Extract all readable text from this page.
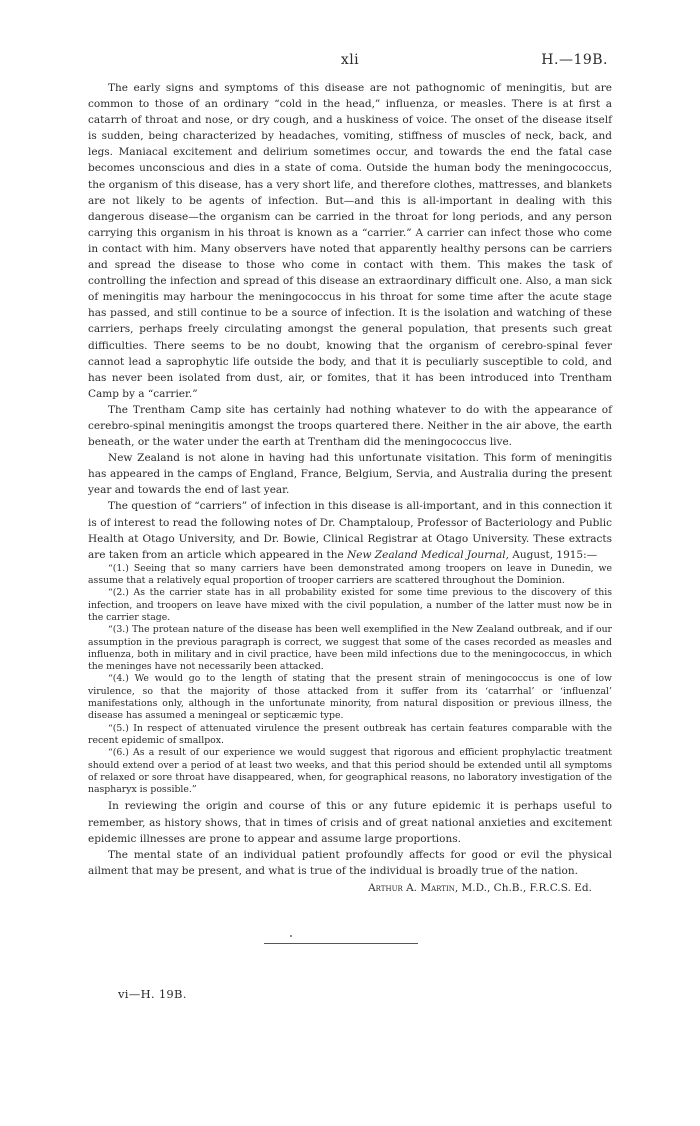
xli	H.—19B.

The early signs and symptoms of this disease are not pathognomic of meningitis, but are common to those of an ordinary “cold in the head,” influenza, or measles. There is at first a catarrh of throat and nose, or dry cough, and a huskiness of voice. The onset of the disease itself is sudden, being characterized by headaches, vomiting, stiffness of muscles of neck, back, and legs. Maniacal excitement and delirium sometimes occur, and towards the end the fatal case becomes unconscious and dies in a state of coma. Outside the human body the meningococcus, the organism of this disease, has a very short life, and therefore clothes, mattresses, and blankets are not likely to be agents of infection. But—and this is all-important in dealing with this dangerous disease—the organism can be carried in the throat for long periods, and any person carrying this organism in his throat is known as a “carrier.” A carrier can infect those who come in contact with him. Many observers have noted that apparently healthy persons can be carriers and spread the disease to those who come in contact with them. This makes the task of controlling the infection and spread of this disease an extraordinary difficult one. Also, a man sick of meningitis may harbour the meningococcus in his throat for some time after the acute stage has passed, and still continue to be a source of infection. It is the isolation and watching of these carriers, perhaps freely circulating amongst the general population, that presents such great difficulties. There seems to be no doubt, knowing that the organism of cerebro-spinal fever cannot lead a saprophytic life outside the body, and that it is peculiarly susceptible to cold, and has never been isolated from dust, air, or fomites, that it has been introduced into Trentham Camp by a “carrier.”

The Trentham Camp site has certainly had nothing whatever to do with the appearance of cerebro-spinal meningitis amongst the troops quartered there. Neither in the air above, the earth beneath, or the water under the earth at Trentham did the meningococcus live.

New Zealand is not alone in having had this unfortunate visitation. This form of meningitis has appeared in the camps of England, France, Belgium, Servia, and Australia during the present year and towards the end of last year.

The question of “carriers” of infection in this disease is all-important, and in this connection it is of interest to read the following notes of Dr. Champtaloup, Professor of Bacteriology and Public Health at Otago University, and Dr. Bowie, Clinical Registrar at Otago University. These extracts are taken from an article which appeared in the New Zealand Medical Journal, August, 1915:—

“(1.) Seeing that so many carriers have been demonstrated among troopers on leave in Dunedin, we assume that a relatively equal proportion of trooper carriers are scattered throughout the Dominion.

“(2.) As the carrier state has in all probability existed for some time previous to the discovery of this infection, and troopers on leave have mixed with the civil population, a number of the latter must now be in the carrier stage.

“(3.) The protean nature of the disease has been well exemplified in the New Zealand outbreak, and if our assumption in the previous paragraph is correct, we suggest that some of the cases recorded as measles and influenza, both in military and in civil practice, have been mild infections due to the meningococcus, in which the meninges have not necessarily been attacked.

“(4.) We would go to the length of stating that the present strain of meningococcus is one of low virulence, so that the majority of those attacked from it suffer from its ‘catarrhal’ or ‘influenzal’ manifestations only, although in the unfortunate minority, from natural disposition or previous illness, the disease has assumed a meningeal or septicæmic type.

“(5.) In respect of attenuated virulence the present outbreak has certain features comparable with the recent epidemic of smallpox.

“(6.) As a result of our experience we would suggest that rigorous and efficient prophylactic treatment should extend over a period of at least two weeks, and that this period should be extended until all symptoms of relaxed or sore throat have disappeared, when, for geographical reasons, no laboratory investigation of the naspharyx is possible.”

In reviewing the origin and course of this or any future epidemic it is perhaps useful to remember, as history shows, that in times of crisis and of great national anxieties and excitement epidemic illnesses are prone to appear and assume large proportions.

The mental state of an individual patient profoundly affects for good or evil the physical ailment that may be present, and what is true of the individual is broadly true of the nation.

Arthur A. Martin, M.D., Ch.B., F.R.C.S. Ed.

vi—H. 19B.
